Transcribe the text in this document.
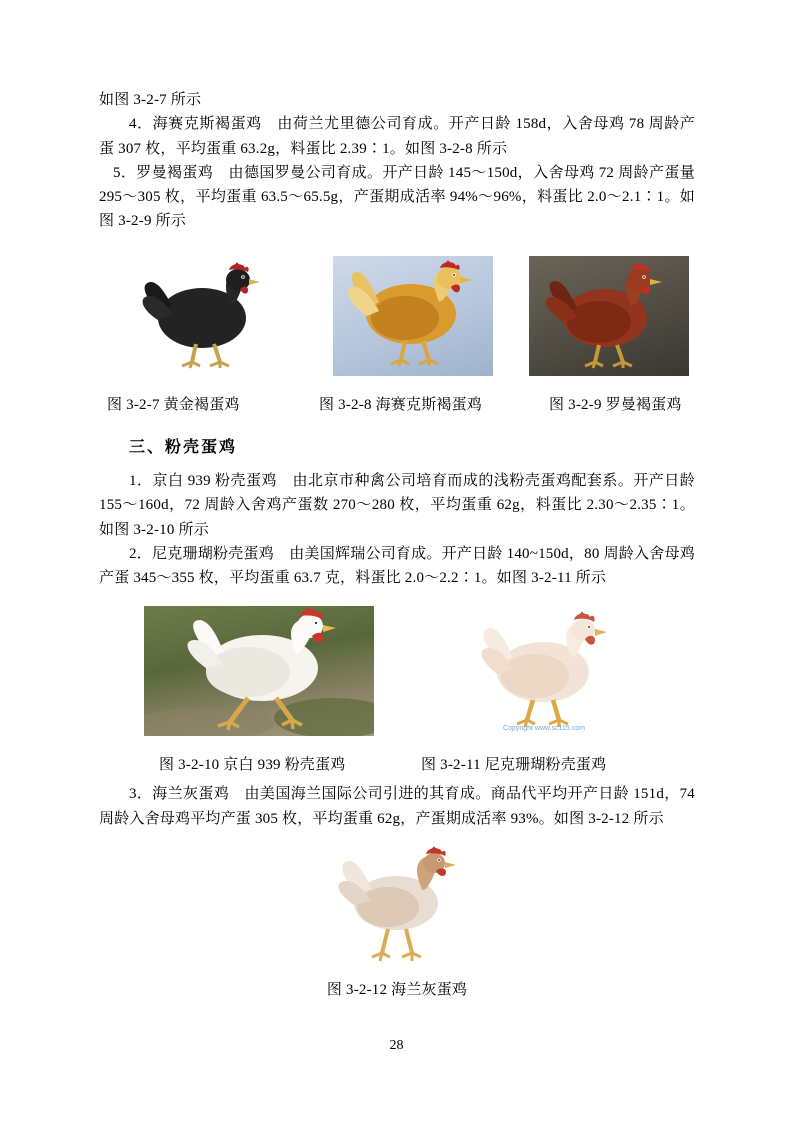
如图 3-2-7 所示

4．海赛克斯褐蛋鸡　由荷兰尤里德公司育成。开产日龄 158d，入舍母鸡 78 周龄产蛋 307 枚，平均蛋重 63.2g，料蛋比 2.39∶1。如图 3-2-8 所示

5．罗曼褐蛋鸡　由德国罗曼公司育成。开产日龄 145～150d，入舍母鸡 72 周龄产蛋量 295～305 枚，平均蛋重 63.5～65.5g，产蛋期成活率 94%～96%，料蛋比 2.0～2.1∶1。如图 3-2-9 所示

图 3-2-7 黄金褐蛋鸡	图 3-2-8 海赛克斯褐蛋鸡	图 3-2-9 罗曼褐蛋鸡
三、粉壳蛋鸡

1．京白 939 粉壳蛋鸡　由北京市种禽公司培育而成的浅粉壳蛋鸡配套系。开产日龄 155～160d，72 周龄入舍鸡产蛋数 270～280 枚，平均蛋重 62g，料蛋比 2.30～2.35∶1。如图 3-2-10 所示

2．尼克珊瑚粉壳蛋鸡　由美国辉瑞公司育成。开产日龄 140~150d，80 周龄入舍母鸡产蛋 345～355 枚，平均蛋重 63.7 克，料蛋比 2.0～2.2∶1。如图 3-2-11 所示

Copyright www.sc115.com
图 3-2-10 京白 939 粉壳蛋鸡	图 3-2-11 尼克珊瑚粉壳蛋鸡

3．海兰灰蛋鸡　由美国海兰国际公司引进的其育成。商品代平均开产日龄 151d，74 周龄入舍母鸡平均产蛋 305 枚，平均蛋重 62g，产蛋期成活率 93%。如图 3-2-12 所示

图 3-2-12 海兰灰蛋鸡
28
